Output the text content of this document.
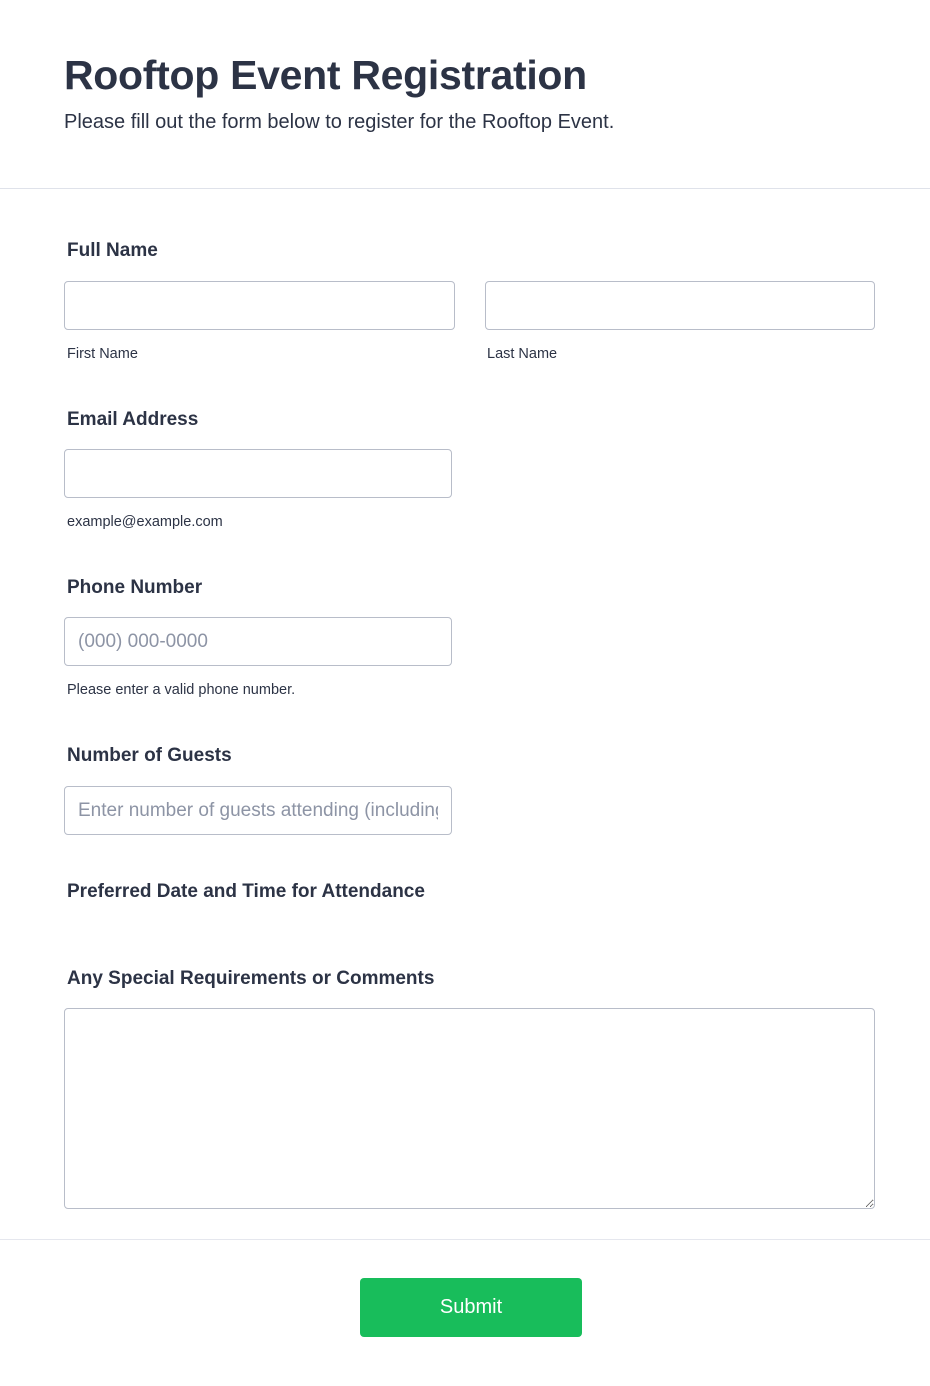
Rooftop Event Registration
Please fill out the form below to register for the Rooftop Event.
Full Name
First Name	Last Name
Email Address
example@example.com
Phone Number
(000) 000-0000
Please enter a valid phone number.
Number of Guests
Enter number of guests attending (including yourself)
Preferred Date and Time for Attendance
Any Special Requirements or Comments
Submit
